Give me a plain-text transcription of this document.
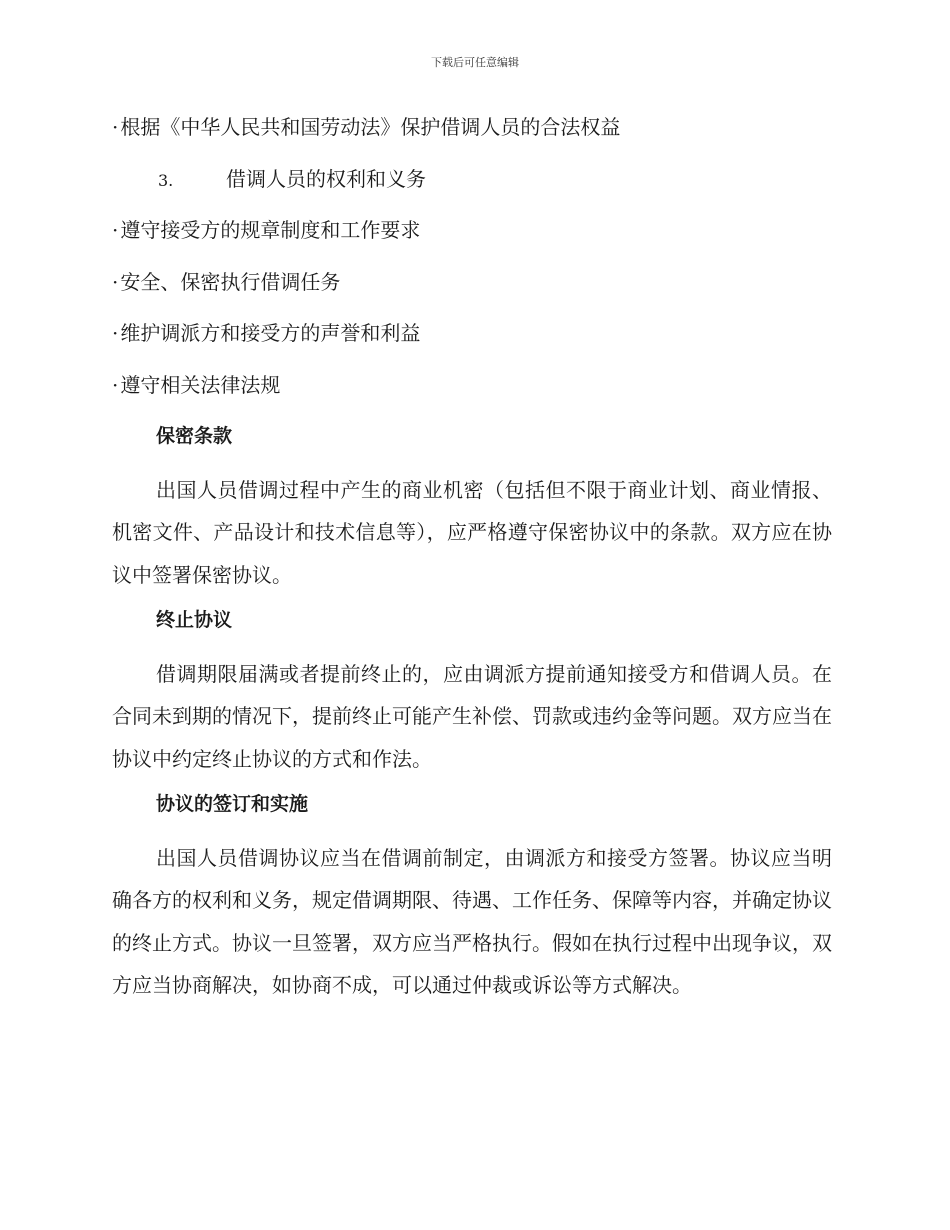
下载后可任意编辑
· 根据《中华人民共和国劳动法》保护借调人员的合法权益
3.	借调人员的权利和义务
· 遵守接受方的规章制度和工作要求
· 安全、保密执行借调任务
· 维护调派方和接受方的声誉和利益
· 遵守相关法律法规
保密条款
出国人员借调过程中产生的商业机密（包括但不限于商业计划、商业情报、机密文件、产品设计和技术信息等），应严格遵守保密协议中的条款。双方应在协议中签署保密协议。
终止协议
借调期限届满或者提前终止的，应由调派方提前通知接受方和借调人员。在合同未到期的情况下，提前终止可能产生补偿、罚款或违约金等问题。双方应当在协议中约定终止协议的方式和作法。
协议的签订和实施
出国人员借调协议应当在借调前制定，由调派方和接受方签署。协议应当明确各方的权利和义务，规定借调期限、待遇、工作任务、保障等内容，并确定协议的终止方式。协议一旦签署，双方应当严格执行。假如在执行过程中出现争议，双方应当协商解决，如协商不成，可以通过仲裁或诉讼等方式解决。
